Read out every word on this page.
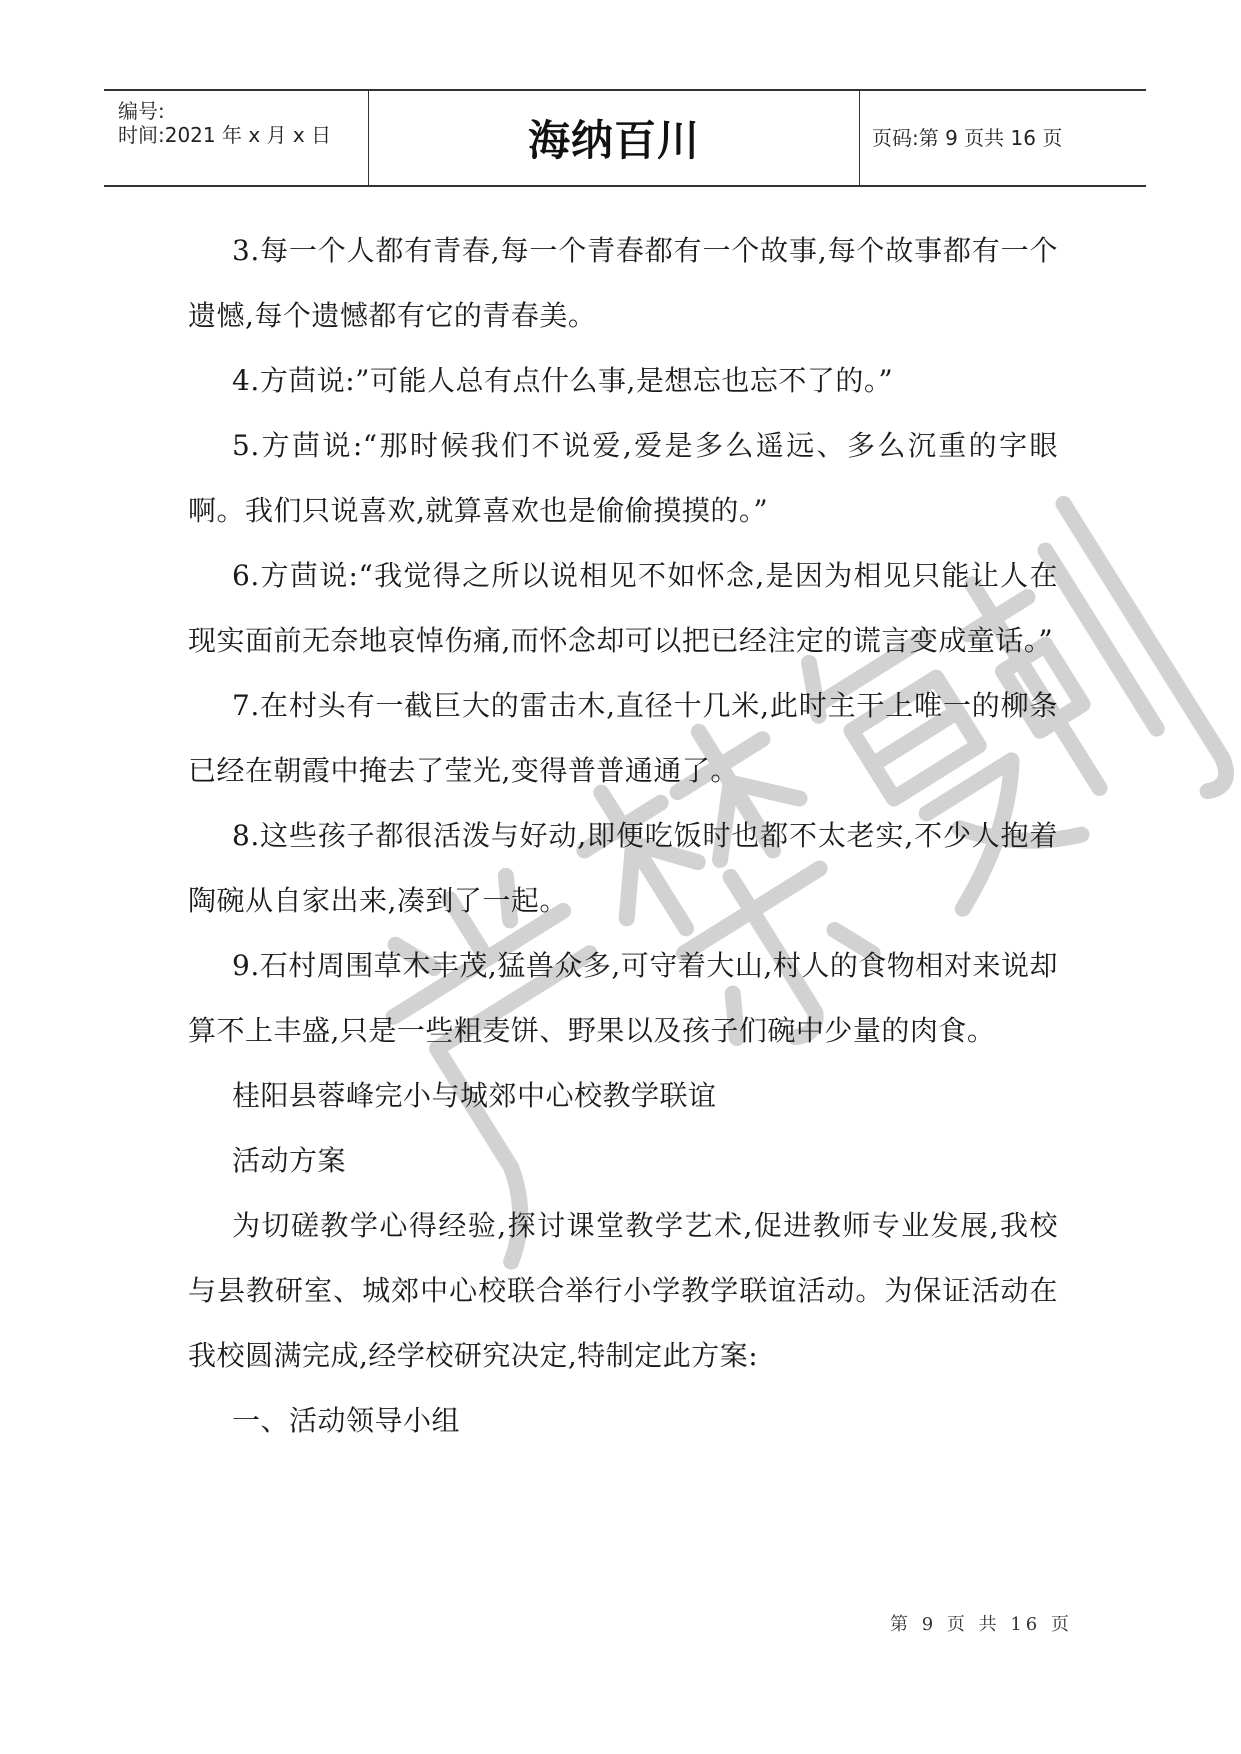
编号:
时间:2021 年 x 月 x 日	海纳百川	页码:第 9 页共 16 页

3.每一个人都有青春,每一个青春都有一个故事,每个故事都有一个遗憾,每个遗憾都有它的青春美。

4.方茴说:”可能人总有点什么事,是想忘也忘不了的。”

5.方茴说:“那时候我们不说爱,爱是多么遥远、多么沉重的字眼啊。我们只说喜欢,就算喜欢也是偷偷摸摸的。”

6.方茴说:“我觉得之所以说相见不如怀念,是因为相见只能让人在现实面前无奈地哀悼伤痛,而怀念却可以把已经注定的谎言变成童话。”

7.在村头有一截巨大的雷击木,直径十几米,此时主干上唯一的柳条已经在朝霞中掩去了莹光,变得普普通通了。

8.这些孩子都很活泼与好动,即便吃饭时也都不太老实,不少人抱着陶碗从自家出来,凑到了一起。

9.石村周围草木丰茂,猛兽众多,可守着大山,村人的食物相对来说却算不上丰盛,只是一些粗麦饼、野果以及孩子们碗中少量的肉食。

桂阳县蓉峰完小与城郊中心校教学联谊

活动方案

为切磋教学心得经验,探讨课堂教学艺术,促进教师专业发展,我校与县教研室、城郊中心校联合举行小学教学联谊活动。为保证活动在我校圆满完成,经学校研究决定,特制定此方案:

一、活动领导小组

第 9 页 共 16 页
